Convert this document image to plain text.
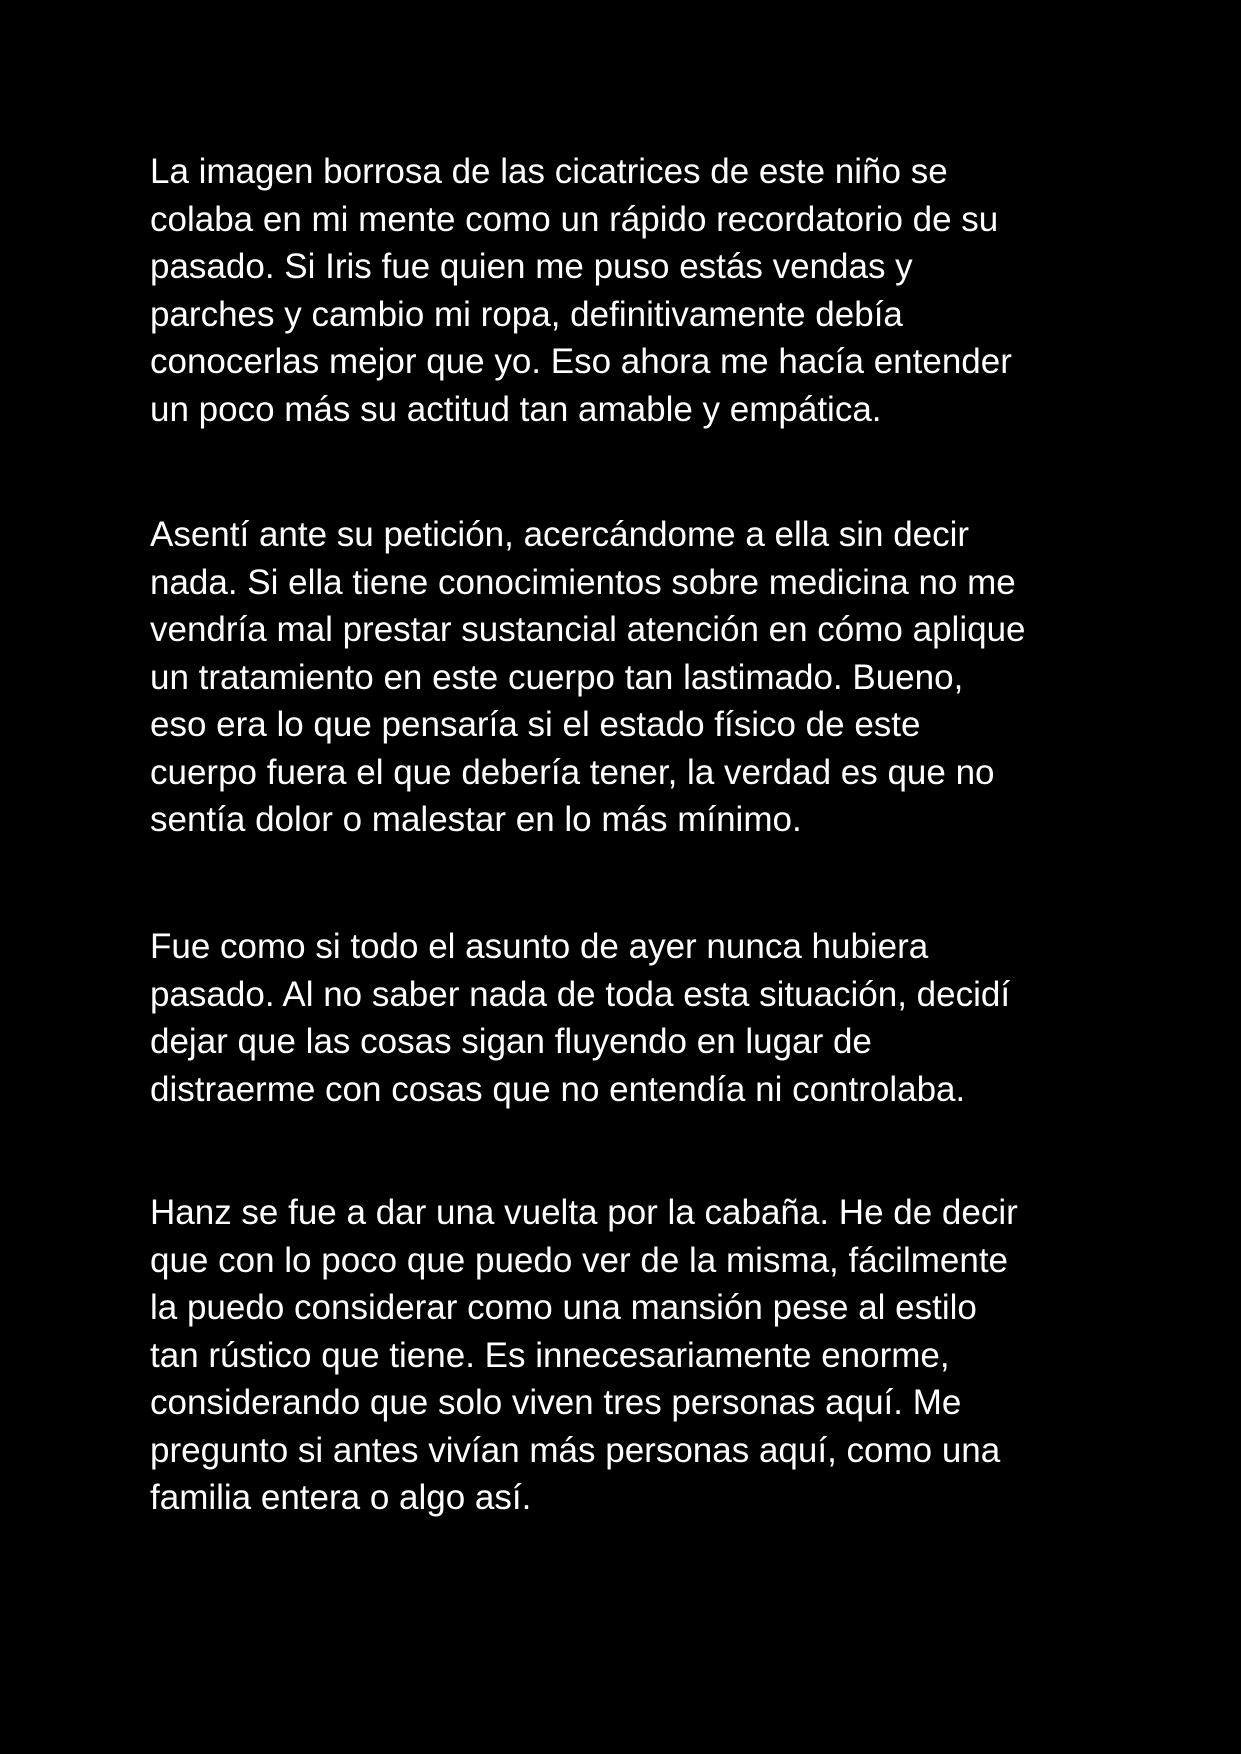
La imagen borrosa de las cicatrices de este niño se
colaba en mi mente como un rápido recordatorio de su
pasado. Si Iris fue quien me puso estás vendas y
parches y cambio mi ropa, definitivamente debía
conocerlas mejor que yo. Eso ahora me hacía entender
un poco más su actitud tan amable y empática.

Asentí ante su petición, acercándome a ella sin decir
nada. Si ella tiene conocimientos sobre medicina no me
vendría mal prestar sustancial atención en cómo aplique
un tratamiento en este cuerpo tan lastimado. Bueno,
eso era lo que pensaría si el estado físico de este
cuerpo fuera el que debería tener, la verdad es que no
sentía dolor o malestar en lo más mínimo.

Fue como si todo el asunto de ayer nunca hubiera
pasado. Al no saber nada de toda esta situación, decidí
dejar que las cosas sigan fluyendo en lugar de
distraerme con cosas que no entendía ni controlaba.

Hanz se fue a dar una vuelta por la cabaña. He de decir
que con lo poco que puedo ver de la misma, fácilmente
la puedo considerar como una mansión pese al estilo
tan rústico que tiene. Es innecesariamente enorme,
considerando que solo viven tres personas aquí. Me
pregunto si antes vivían más personas aquí, como una
familia entera o algo así.
